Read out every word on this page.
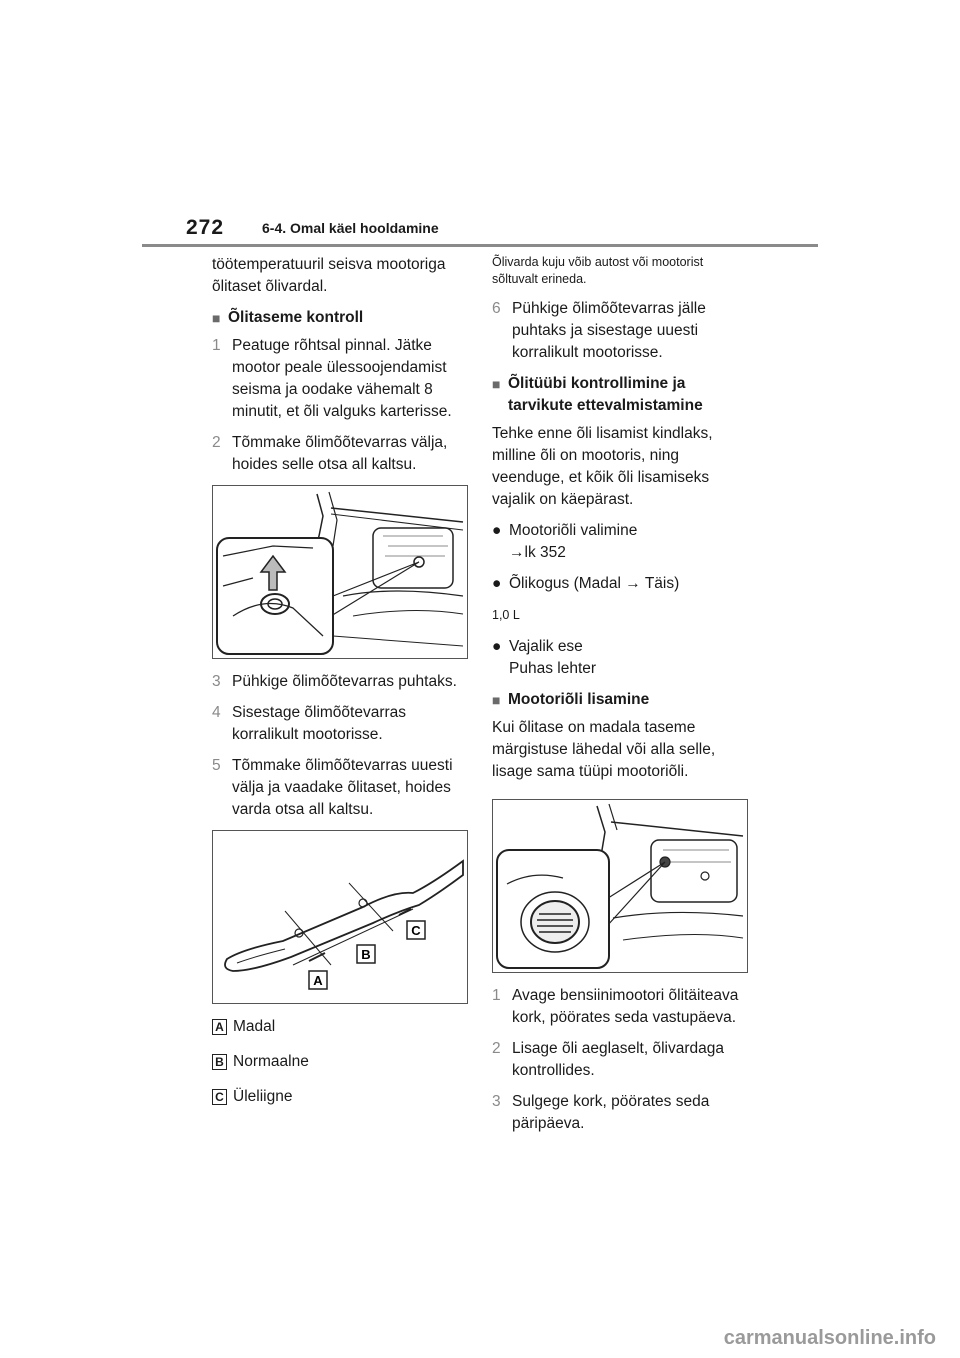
272	6-4. Omal käel hooldamine

töötemperatuuril seisva mootoriga õlitaset õlivardal.

■ Õlitaseme kontroll
1 Peatuge rõhtsal pinnal. Jätke mootor peale ülessoojendamist seisma ja oodake vähemalt 8 minutit, et õli valguks karterisse.
2 Tõmmake õlimõõtevarras välja, hoides selle otsa all kaltsu.
3 Pühkige õlimõõtevarras puhtaks.
4 Sisestage õlimõõtevarras korralikult mootorisse.
5 Tõmmake õlimõõtevarras uuesti välja ja vaadake õlitaset, hoides varda otsa all kaltsu.
A
B
C
A Madal
B Normaalne
C Üleliigne

Õlivarda kuju võib autost või mootorist sõltuvalt erineda.

6 Pühkige õlimõõtevarras jälle puhtaks ja sisestage uuesti korralikult mootorisse.
■ Õlitüübi kontrollimine ja tarvikute ettevalmistamine

Tehke enne õli lisamist kindlaks, milline õli on mootoris, ning veenduge, et kõik õli lisamiseks vajalik on käepärast.

● Mootoriõli valimine
→lk 352
● Õlikogus (Madal → Täis)

1,0 L

● Vajalik ese
Puhas lehter
■ Mootoriõli lisamine

Kui õlitase on madala taseme märgistuse lähedal või alla selle, lisage sama tüüpi mootoriõli.

1 Avage bensiinimootori õlitäiteava kork, pöörates seda vastupäeva.
2 Lisage õli aeglaselt, õlivardaga kontrollides.
3 Sulgege kork, pöörates seda päripäeva.
carmanualsonline.info
